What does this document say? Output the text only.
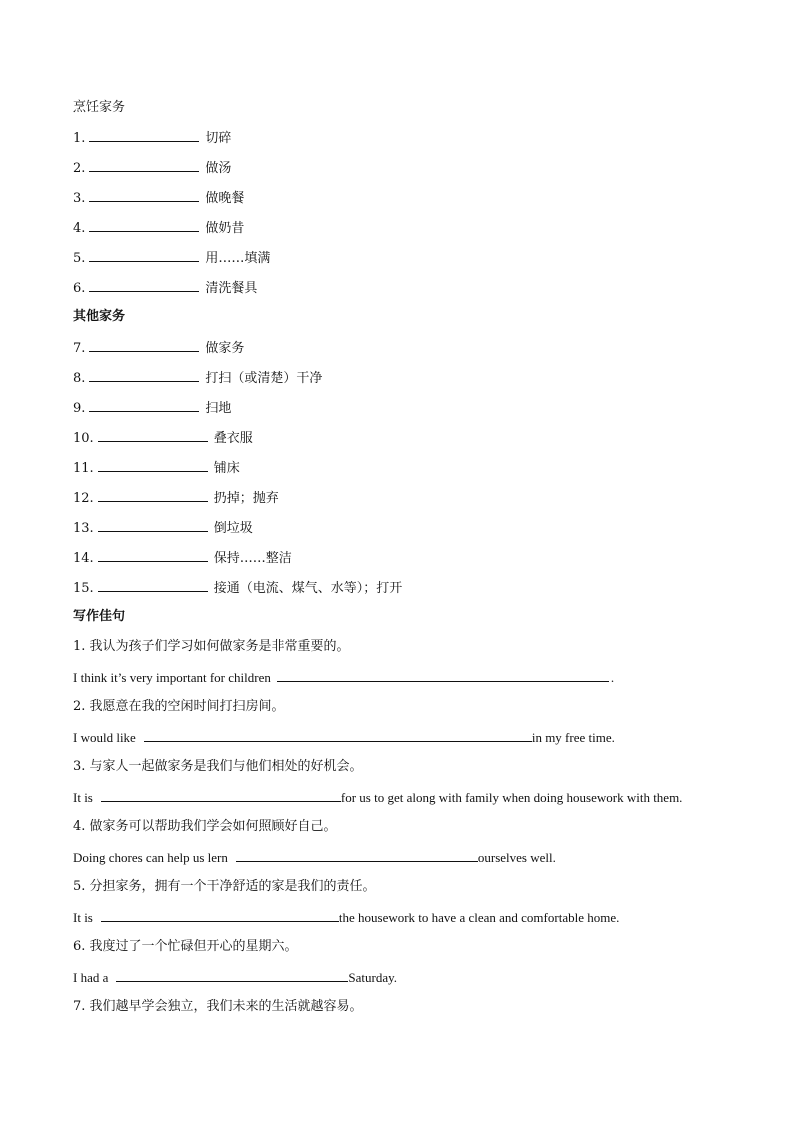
烹饪家务
1.	切碎
2.	做汤
3.	做晚餐
4.	做奶昔
5.	用……填满
6.	清洗餐具
其他家务
7.	做家务
8.	打扫（或清楚）干净
9.	扫地
10.	叠衣服
11.	铺床
12.	扔掉；抛弃
13.	倒垃圾
14.	保持……整洁
15.	接通（电流、煤气、水等）；打开
写作佳句
1. 我认为孩子们学习如何做家务是非常重要的。
I think it’s very important for children	.
2. 我愿意在我的空闲时间打扫房间。
I would like	in my free time.
3. 与家人一起做家务是我们与他们相处的好机会。
It is	for us to get along with family when doing housework with them.
4. 做家务可以帮助我们学会如何照顾好自己。
Doing chores can help us lern	ourselves well.
5. 分担家务，拥有一个干净舒适的家是我们的责任。
It is	the housework to have a clean and comfortable home.
6. 我度过了一个忙碌但开心的星期六。
I had a	Saturday.
7. 我们越早学会独立，我们未来的生活就越容易。
